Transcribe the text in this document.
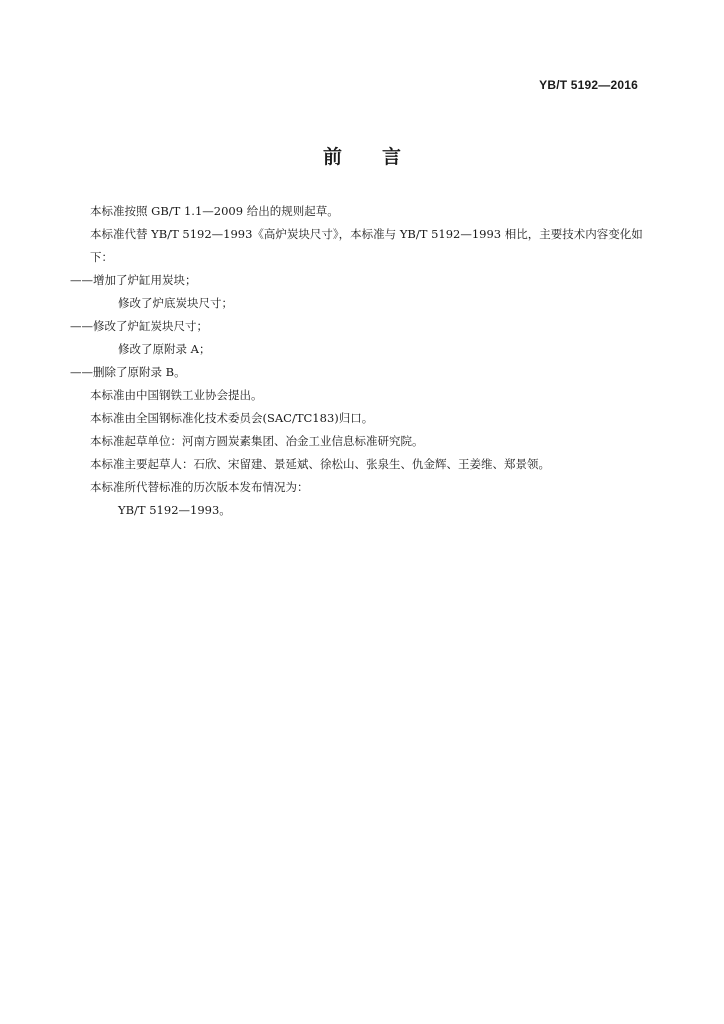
YB/T 5192—2016
前 言

本标准按照 GB/T 1.1—2009 给出的规则起草。

本标准代替 YB/T 5192—1993《高炉炭块尺寸》，本标准与 YB/T 5192—1993 相比，主要技术内容变化如下：

——增加了炉缸用炭块；

修改了炉底炭块尺寸；

——修改了炉缸炭块尺寸；

修改了原附录 A；

——删除了原附录 B。

本标准由中国钢铁工业协会提出。

本标准由全国钢标准化技术委员会(SAC/TC183)归口。

本标准起草单位：河南方圆炭素集团、冶金工业信息标准研究院。

本标准主要起草人：石欣、宋留建、景延斌、徐松山、张泉生、仇金辉、王姜维、郑景领。

本标准所代替标准的历次版本发布情况为：

YB/T 5192—1993。
